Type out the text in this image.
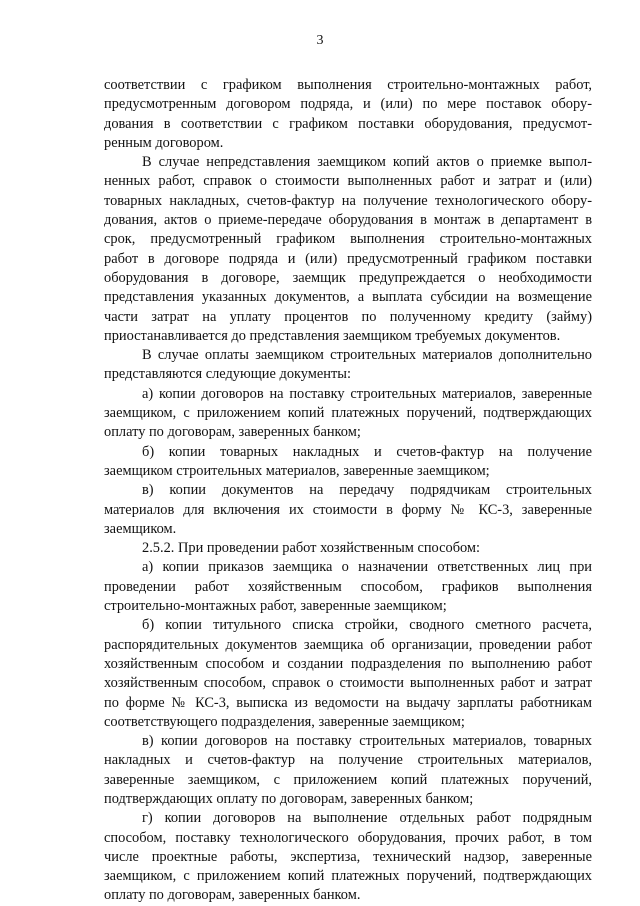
3
соответствии с графиком выполнения строительно-монтажных работ,
предусмотренным договором подряда, и (или) по мере поставок обору-
дования в соответствии с графиком поставки оборудования, предусмот-
ренным договором.
В случае непредставления заемщиком копий актов о приемке выпол-
ненных работ, справок о стоимости выполненных работ и затрат и (или)
товарных накладных, счетов-фактур на получение технологического обору-
дования, актов о приеме-передаче оборудования в монтаж в департамент в
срок, предусмотренный графиком выполнения строительно-монтажных
работ в договоре подряда и (или) предусмотренный графиком поставки
оборудования в договоре, заемщик предупреждается о необходимости
представления указанных документов, а выплата субсидии на возмещение
части затрат на уплату процентов по полученному кредиту (займу)
приостанавливается до представления заемщиком требуемых документов.
В случае оплаты заемщиком строительных материалов дополнительно
представляются следующие документы:
а) копии договоров на поставку строительных материалов, заверенные
заемщиком, с приложением копий платежных поручений, подтверждающих
оплату по договорам, заверенных банком;
б) копии товарных накладных и счетов-фактур на получение
заемщиком строительных материалов, заверенные заемщиком;
в) копии документов на передачу подрядчикам строительных
материалов для включения их стоимости в форму № КС-3, заверенные
заемщиком.
2.5.2. При проведении работ хозяйственным способом:
а) копии приказов заемщика о назначении ответственных лиц при
проведении работ хозяйственным способом, графиков выполнения
строительно-монтажных работ, заверенные заемщиком;
б) копии титульного списка стройки, сводного сметного расчета,
распорядительных документов заемщика об организации, проведении работ
хозяйственным способом и создании подразделения по выполнению работ
хозяйственным способом, справок о стоимости выполненных работ и затрат
по форме № КС-3, выписка из ведомости на выдачу зарплаты работникам
соответствующего подразделения, заверенные заемщиком;
в) копии договоров на поставку строительных материалов, товарных
накладных и счетов-фактур на получение строительных материалов,
заверенные заемщиком, с приложением копий платежных поручений,
подтверждающих оплату по договорам, заверенных банком;
г) копии договоров на выполнение отдельных работ подрядным
способом, поставку технологического оборудования, прочих работ, в том
числе проектные работы, экспертиза, технический надзор, заверенные
заемщиком, с приложением копий платежных поручений, подтверждающих
оплату по договорам, заверенных банком.
